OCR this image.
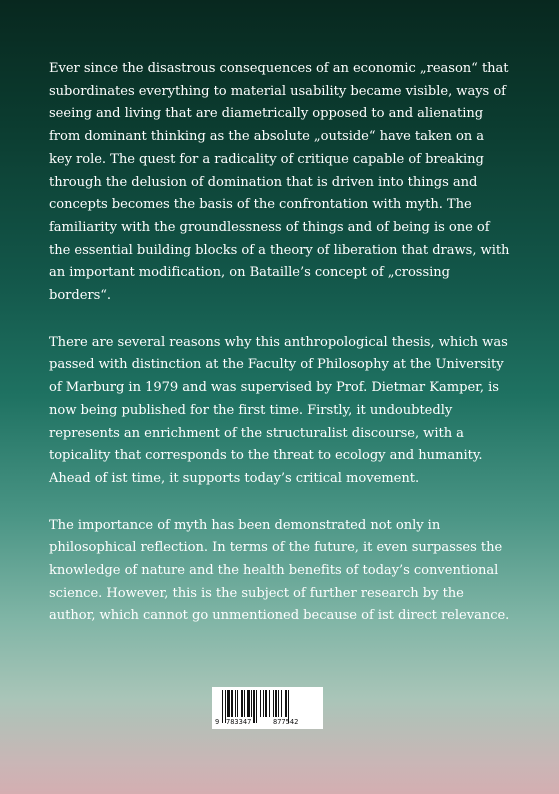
Ever since the disastrous consequences of an economic „reason“ that subordinates everything to material usability became visible, ways of seeing and living that are diametrically opposed to and alienating from dominant thinking as the absolute „outside“ have taken on a key role. The quest for a radicality of critique capable of breaking through the delusion of domination that is driven into things and concepts becomes the basis of the confrontation with myth. The familiarity with the groundlessness of things and of being is one of the essential building blocks of a theory of liberation that draws, with an important modification, on Bataille’s concept of „crossing borders“.

There are several reasons why this anthropological thesis, which was passed with distinction at the Faculty of Philosophy at the University of Marburg in 1979 and was supervised by Prof. Dietmar Kamper, is now being published for the first time. Firstly, it undoubtedly represents an enrichment of the structuralist discourse, with a topicality that corresponds to the threat to ecology and humanity. Ahead of ist time, it supports today’s critical movement.

The importance of myth has been demonstrated not only in philosophical reflection. In terms of the future, it even surpasses the knowledge of nature and the health benefits of today’s conventional science. However, this is the subject of further research by the author, which cannot go unmentioned because of ist direct relevance.

9 783347	877542
